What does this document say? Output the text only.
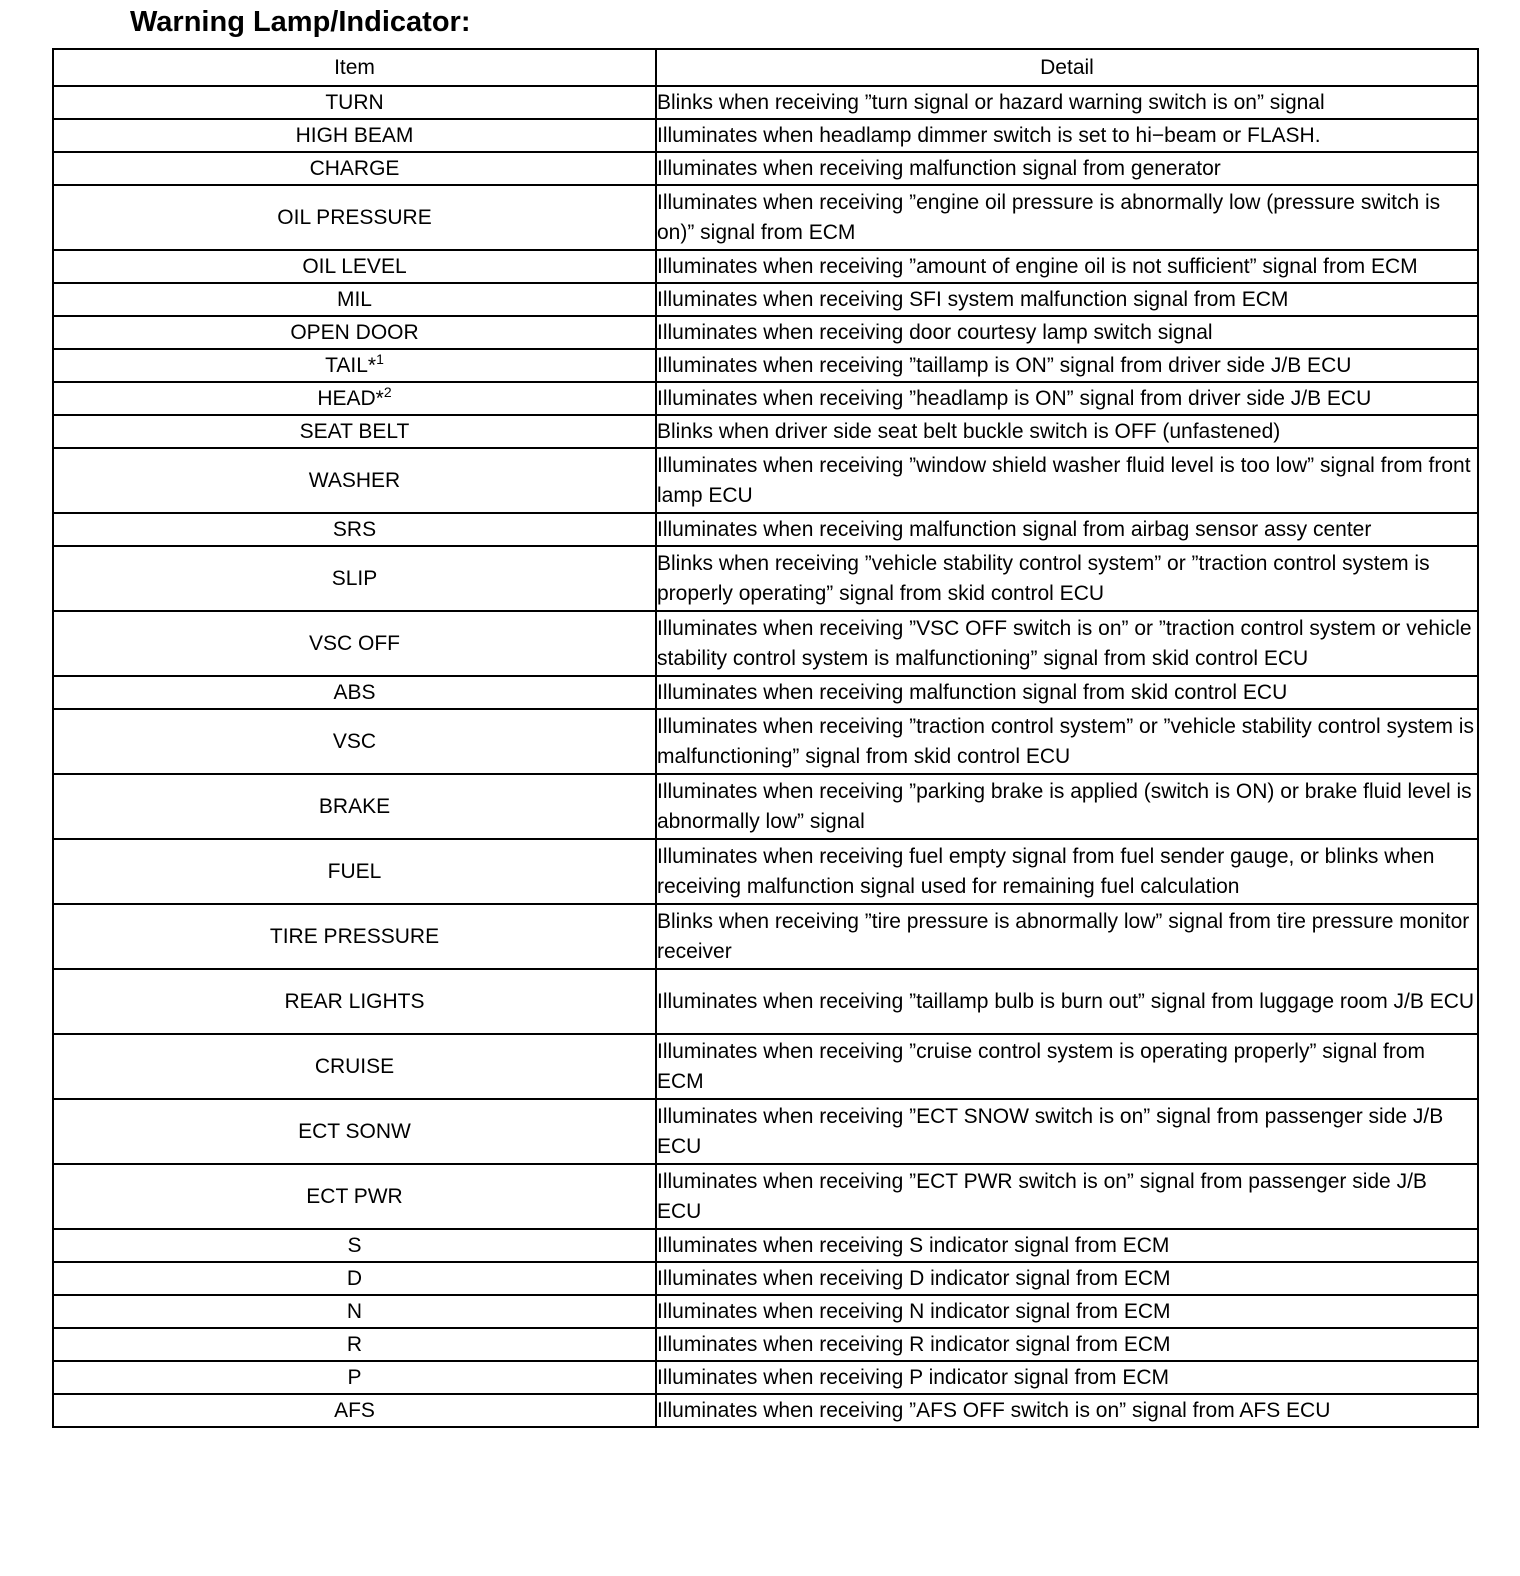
Warning Lamp/Indicator:
Item	Detail
TURN	Blinks when receiving ”turn signal or hazard warning switch is on” signal
HIGH BEAM	Illuminates when headlamp dimmer switch is set to hi−beam or FLASH.
CHARGE	Illuminates when receiving malfunction signal from generator
OIL PRESSURE	Illuminates when receiving ”engine oil pressure is abnormally low (pressure switch is on)” signal from ECM
OIL LEVEL	Illuminates when receiving ”amount of engine oil is not sufficient” signal from ECM
MIL	Illuminates when receiving SFI system malfunction signal from ECM
OPEN DOOR	Illuminates when receiving door courtesy lamp switch signal
TAIL*$^1$	Illuminates when receiving ”taillamp is ON” signal from driver side J/B ECU
HEAD*$^2$	Illuminates when receiving ”headlamp is ON” signal from driver side J/B ECU
SEAT BELT	Blinks when driver side seat belt buckle switch is OFF (unfastened)
WASHER	Illuminates when receiving ”window shield washer fluid level is too low” signal from front lamp ECU
SRS	Illuminates when receiving malfunction signal from airbag sensor assy center
SLIP	Blinks when receiving ”vehicle stability control system” or ”traction control system is properly operating” signal from skid control ECU
VSC OFF	Illuminates when receiving ”VSC OFF switch is on” or ”traction control system or vehicle stability control system is malfunctioning” signal from skid control ECU
ABS	Illuminates when receiving malfunction signal from skid control ECU
VSC	Illuminates when receiving ”traction control system” or ”vehicle stability control system is malfunctioning” signal from skid control ECU
BRAKE	Illuminates when receiving ”parking brake is applied (switch is ON) or brake fluid level is abnormally low” signal
FUEL	Illuminates when receiving fuel empty signal from fuel sender gauge, or blinks when receiving malfunction signal used for remaining fuel calculation
TIRE PRESSURE	Blinks when receiving ”tire pressure is abnormally low” signal from tire pressure monitor receiver
REAR LIGHTS	Illuminates when receiving ”taillamp bulb is burn out” signal from luggage room J/B ECU
CRUISE	Illuminates when receiving ”cruise control system is operating properly” signal from ECM
ECT SONW	Illuminates when receiving ”ECT SNOW switch is on” signal from passenger side J/B ECU
ECT PWR	Illuminates when receiving ”ECT PWR switch is on” signal from passenger side J/B ECU
S	Illuminates when receiving S indicator signal from ECM
D	Illuminates when receiving D indicator signal from ECM
N	Illuminates when receiving N indicator signal from ECM
R	Illuminates when receiving R indicator signal from ECM
P	Illuminates when receiving P indicator signal from ECM
AFS	Illuminates when receiving ”AFS OFF switch is on” signal from AFS ECU
